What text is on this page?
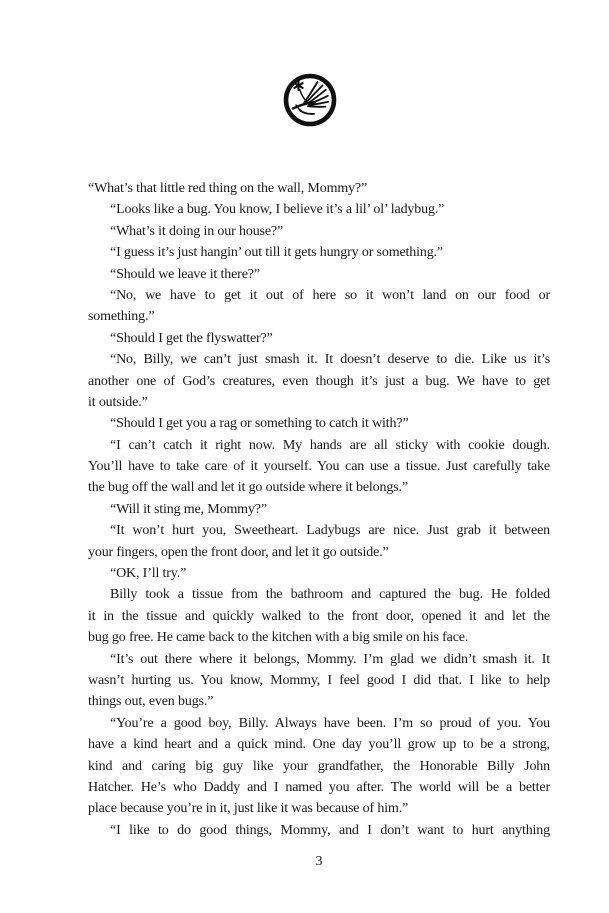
“What’s that little red thing on the wall, Mommy?”
“Looks like a bug. You know, I believe it’s a lil’ ol’ ladybug.”
“What’s it doing in our house?”
“I guess it’s just hangin’ out till it gets hungry or something.”
“Should we leave it there?”
“No, we have to get it out of here so it won’t land on our food or
something.”
“Should I get the flyswatter?”
“No, Billy, we can’t just smash it. It doesn’t deserve to die. Like us it’s
another one of God’s creatures, even though it’s just a bug. We have to get
it outside.”
“Should I get you a rag or something to catch it with?”
“I can’t catch it right now. My hands are all sticky with cookie dough.
You’ll have to take care of it yourself. You can use a tissue. Just carefully take
the bug off the wall and let it go outside where it belongs.”
“Will it sting me, Mommy?”
“It won’t hurt you, Sweetheart. Ladybugs are nice. Just grab it between
your fingers, open the front door, and let it go outside.”
“OK, I’ll try.”
Billy took a tissue from the bathroom and captured the bug. He folded
it in the tissue and quickly walked to the front door, opened it and let the
bug go free. He came back to the kitchen with a big smile on his face.
“It’s out there where it belongs, Mommy. I’m glad we didn’t smash it. It
wasn’t hurting us. You know, Mommy, I feel good I did that. I like to help
things out, even bugs.”
“You’re a good boy, Billy. Always have been. I’m so proud of you. You
have a kind heart and a quick mind. One day you’ll grow up to be a strong,
kind and caring big guy like your grandfather, the Honorable Billy John
Hatcher. He’s who Daddy and I named you after. The world will be a better
place because you’re in it, just like it was because of him.”
“I like to do good things, Mommy, and I don’t want to hurt anything
3
